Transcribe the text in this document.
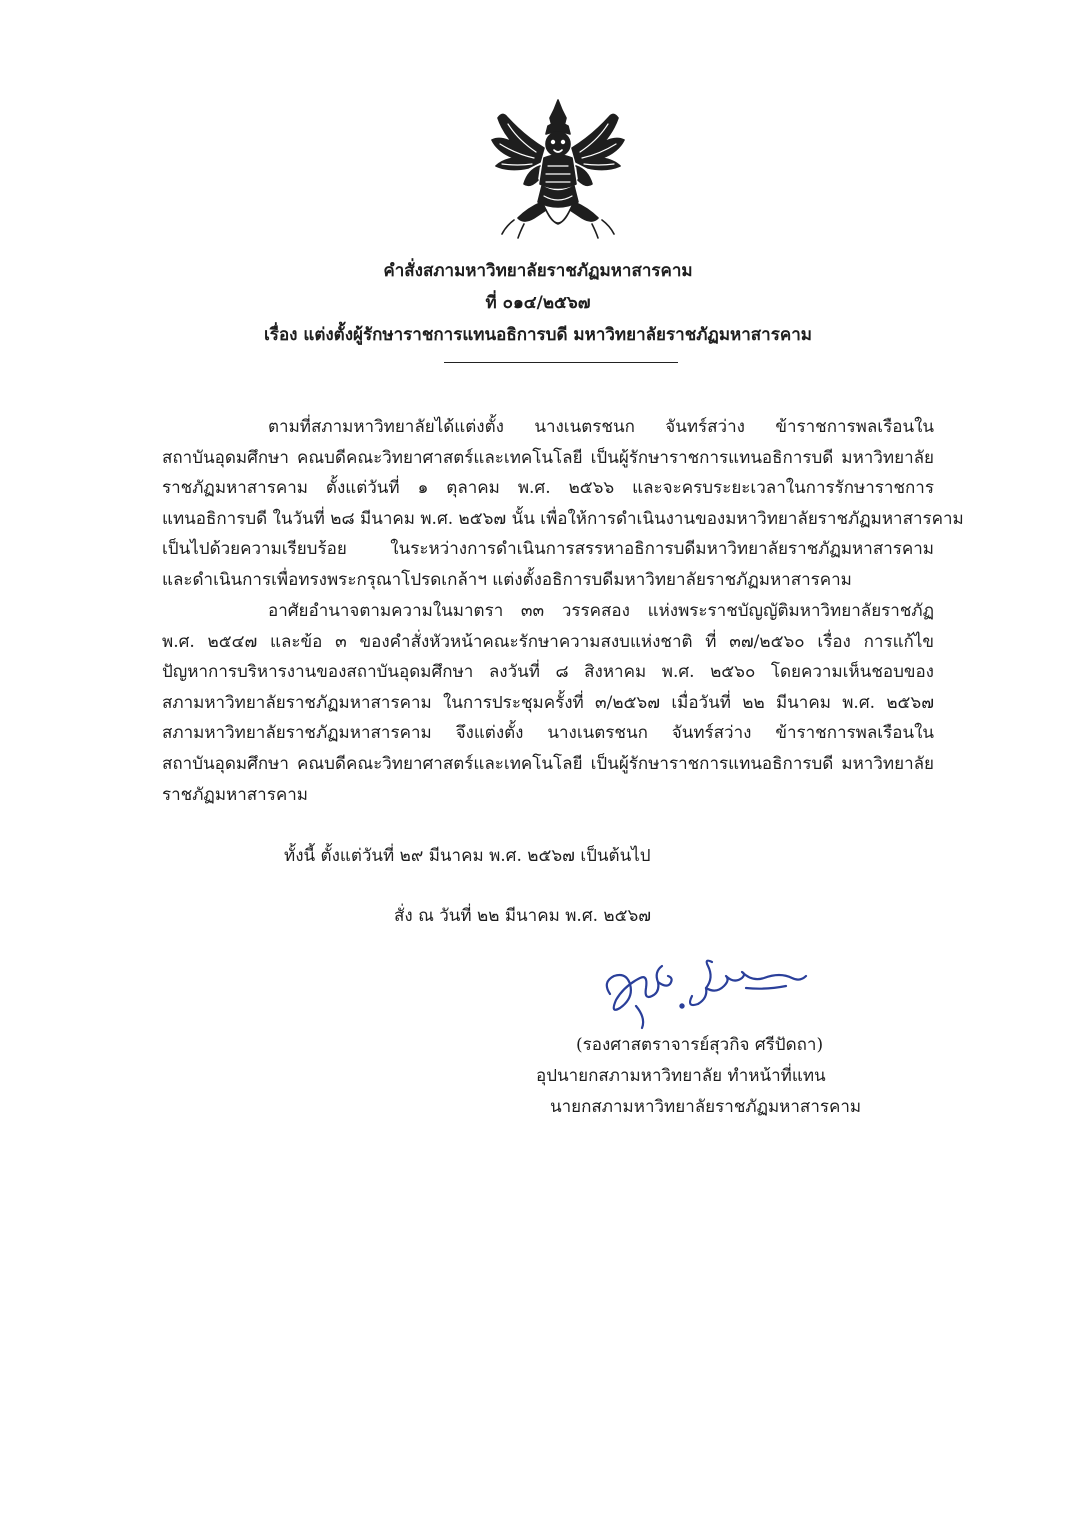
คำสั่งสภามหาวิทยาลัยราชภัฏมหาสารคาม
ที่ ๐๑๔/๒๕๖๗
เรื่อง แต่งตั้งผู้รักษาราชการแทนอธิการบดี มหาวิทยาลัยราชภัฏมหาสารคาม
ตามที่สภามหาวิทยาลัยได้แต่งตั้ง นางเนตรชนก จันทร์สว่าง ข้าราชการพลเรือนใน
สถาบันอุดมศึกษา คณบดีคณะวิทยาศาสตร์และเทคโนโลยี เป็นผู้รักษาราชการแทนอธิการบดี มหาวิทยาลัย
ราชภัฏมหาสารคาม ตั้งแต่วันที่ ๑ ตุลาคม พ.ศ. ๒๕๖๖ และจะครบระยะเวลาในการรักษาราชการ
แทนอธิการบดี ในวันที่ ๒๘ มีนาคม พ.ศ. ๒๕๖๗ นั้น เพื่อให้การดำเนินงานของมหาวิทยาลัยราชภัฏมหาสารคาม
เป็นไปด้วยความเรียบร้อย ในระหว่างการดำเนินการสรรหาอธิการบดีมหาวิทยาลัยราชภัฏมหาสารคาม
และดำเนินการเพื่อทรงพระกรุณาโปรดเกล้าฯ แต่งตั้งอธิการบดีมหาวิทยาลัยราชภัฏมหาสารคาม
อาศัยอำนาจตามความในมาตรา ๓๓ วรรคสอง แห่งพระราชบัญญัติมหาวิทยาลัยราชภัฏ
พ.ศ. ๒๕๔๗ และข้อ ๓ ของคำสั่งหัวหน้าคณะรักษาความสงบแห่งชาติ ที่ ๓๗/๒๕๖๐ เรื่อง การแก้ไข
ปัญหาการบริหารงานของสถาบันอุดมศึกษา ลงวันที่ ๘ สิงหาคม พ.ศ. ๒๕๖๐ โดยความเห็นชอบของ
สภามหาวิทยาลัยราชภัฏมหาสารคาม ในการประชุมครั้งที่ ๓/๒๕๖๗ เมื่อวันที่ ๒๒ มีนาคม พ.ศ. ๒๕๖๗
สภามหาวิทยาลัยราชภัฏมหาสารคาม จึงแต่งตั้ง นางเนตรชนก จันทร์สว่าง ข้าราชการพลเรือนใน
สถาบันอุดมศึกษา คณบดีคณะวิทยาศาสตร์และเทคโนโลยี เป็นผู้รักษาราชการแทนอธิการบดี มหาวิทยาลัย
ราชภัฏมหาสารคาม
ทั้งนี้ ตั้งแต่วันที่ ๒๙ มีนาคม พ.ศ. ๒๕๖๗ เป็นต้นไป
สั่ง ณ วันที่ ๒๒ มีนาคม พ.ศ. ๒๕๖๗
(รองศาสตราจารย์สุวกิจ ศรีปัดถา)
อุปนายกสภามหาวิทยาลัย ทำหน้าที่แทน
นายกสภามหาวิทยาลัยราชภัฏมหาสารคาม
